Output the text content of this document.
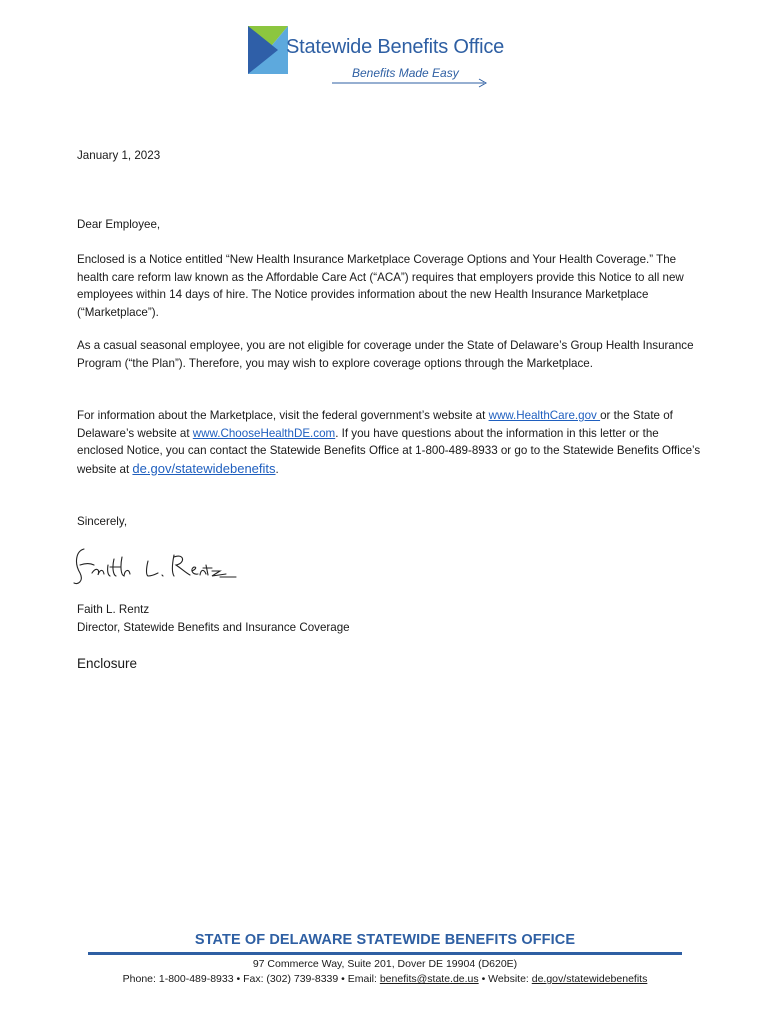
Statewide Benefits Office
Benefits Made Easy
January 1, 2023
Dear Employee,
Enclosed is a Notice entitled “New Health Insurance Marketplace Coverage Options and Your Health Coverage.” The health care reform law known as the Affordable Care Act (“ACA”) requires that employers provide this Notice to all new employees within 14 days of hire. The Notice provides information about the new Health Insurance Marketplace (“Marketplace”).
As a casual seasonal employee, you are not eligible for coverage under the State of Delaware’s Group Health Insurance Program (“the Plan”). Therefore, you may wish to explore coverage options through the Marketplace.
For information about the Marketplace, visit the federal government’s website at www.HealthCare.gov or the State of Delaware’s website at www.ChooseHealthDE.com. If you have questions about the information in this letter or the enclosed Notice, you can contact the Statewide Benefits Office at 1-800-489-8933 or go to the Statewide Benefits Office’s website at de.gov/statewidebenefits.
Sincerely,
Faith L. Rentz
Director, Statewide Benefits and Insurance Coverage
Enclosure
STATE OF DELAWARE STATEWIDE BENEFITS OFFICE
97 Commerce Way, Suite 201, Dover DE 19904 (D620E)
Phone: 1-800-489-8933 • Fax: (302) 739-8339 • Email: benefits@state.de.us • Website: de.gov/statewidebenefits
